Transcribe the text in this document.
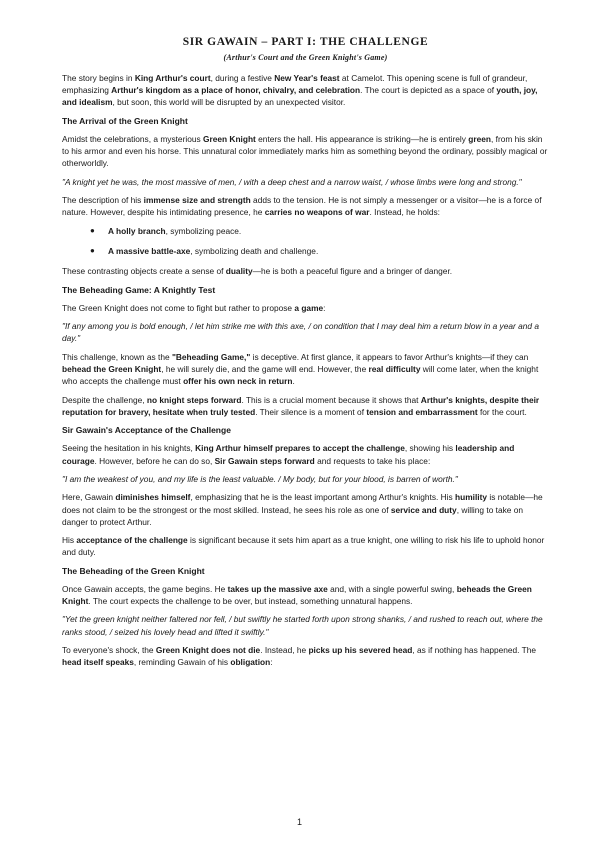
SIR GAWAIN – PART I: THE CHALLENGE
(Arthur's Court and the Green Knight's Game)

The story begins in King Arthur's court, during a festive New Year's feast at Camelot. This opening scene is full of grandeur, emphasizing Arthur's kingdom as a place of honor, chivalry, and celebration. The court is depicted as a space of youth, joy, and idealism, but soon, this world will be disrupted by an unexpected visitor.

The Arrival of the Green Knight

Amidst the celebrations, a mysterious Green Knight enters the hall. His appearance is striking—he is entirely green, from his skin to his armor and even his horse. This unnatural color immediately marks him as something beyond the ordinary, possibly magical or otherworldly.

"A knight yet he was, the most massive of men, / with a deep chest and a narrow waist, / whose limbs were long and strong."

The description of his immense size and strength adds to the tension. He is not simply a messenger or a visitor—he is a force of nature. However, despite his intimidating presence, he carries no weapons of war. Instead, he holds:

● A holly branch, symbolizing peace.
● A massive battle-axe, symbolizing death and challenge.

These contrasting objects create a sense of duality—he is both a peaceful figure and a bringer of danger.

The Beheading Game: A Knightly Test

The Green Knight does not come to fight but rather to propose a game:

"If any among you is bold enough, / let him strike me with this axe, / on condition that I may deal him a return blow in a year and a day."

This challenge, known as the "Beheading Game," is deceptive. At first glance, it appears to favor Arthur's knights—if they can behead the Green Knight, he will surely die, and the game will end. However, the real difficulty will come later, when the knight who accepts the challenge must offer his own neck in return.

Despite the challenge, no knight steps forward. This is a crucial moment because it shows that Arthur's knights, despite their reputation for bravery, hesitate when truly tested. Their silence is a moment of tension and embarrassment for the court.

Sir Gawain's Acceptance of the Challenge

Seeing the hesitation in his knights, King Arthur himself prepares to accept the challenge, showing his leadership and courage. However, before he can do so, Sir Gawain steps forward and requests to take his place:

"I am the weakest of you, and my life is the least valuable. / My body, but for your blood, is barren of worth."

Here, Gawain diminishes himself, emphasizing that he is the least important among Arthur's knights. His humility is notable—he does not claim to be the strongest or the most skilled. Instead, he sees his role as one of service and duty, willing to take on danger to protect Arthur.

His acceptance of the challenge is significant because it sets him apart as a true knight, one willing to risk his life to uphold honor and duty.

The Beheading of the Green Knight

Once Gawain accepts, the game begins. He takes up the massive axe and, with a single powerful swing, beheads the Green Knight. The court expects the challenge to be over, but instead, something unnatural happens.

"Yet the green knight neither faltered nor fell, / but swiftly he started forth upon strong shanks, / and rushed to reach out, where the ranks stood, / seized his lovely head and lifted it swiftly."

To everyone's shock, the Green Knight does not die. Instead, he picks up his severed head, as if nothing has happened. The head itself speaks, reminding Gawain of his obligation:

1
